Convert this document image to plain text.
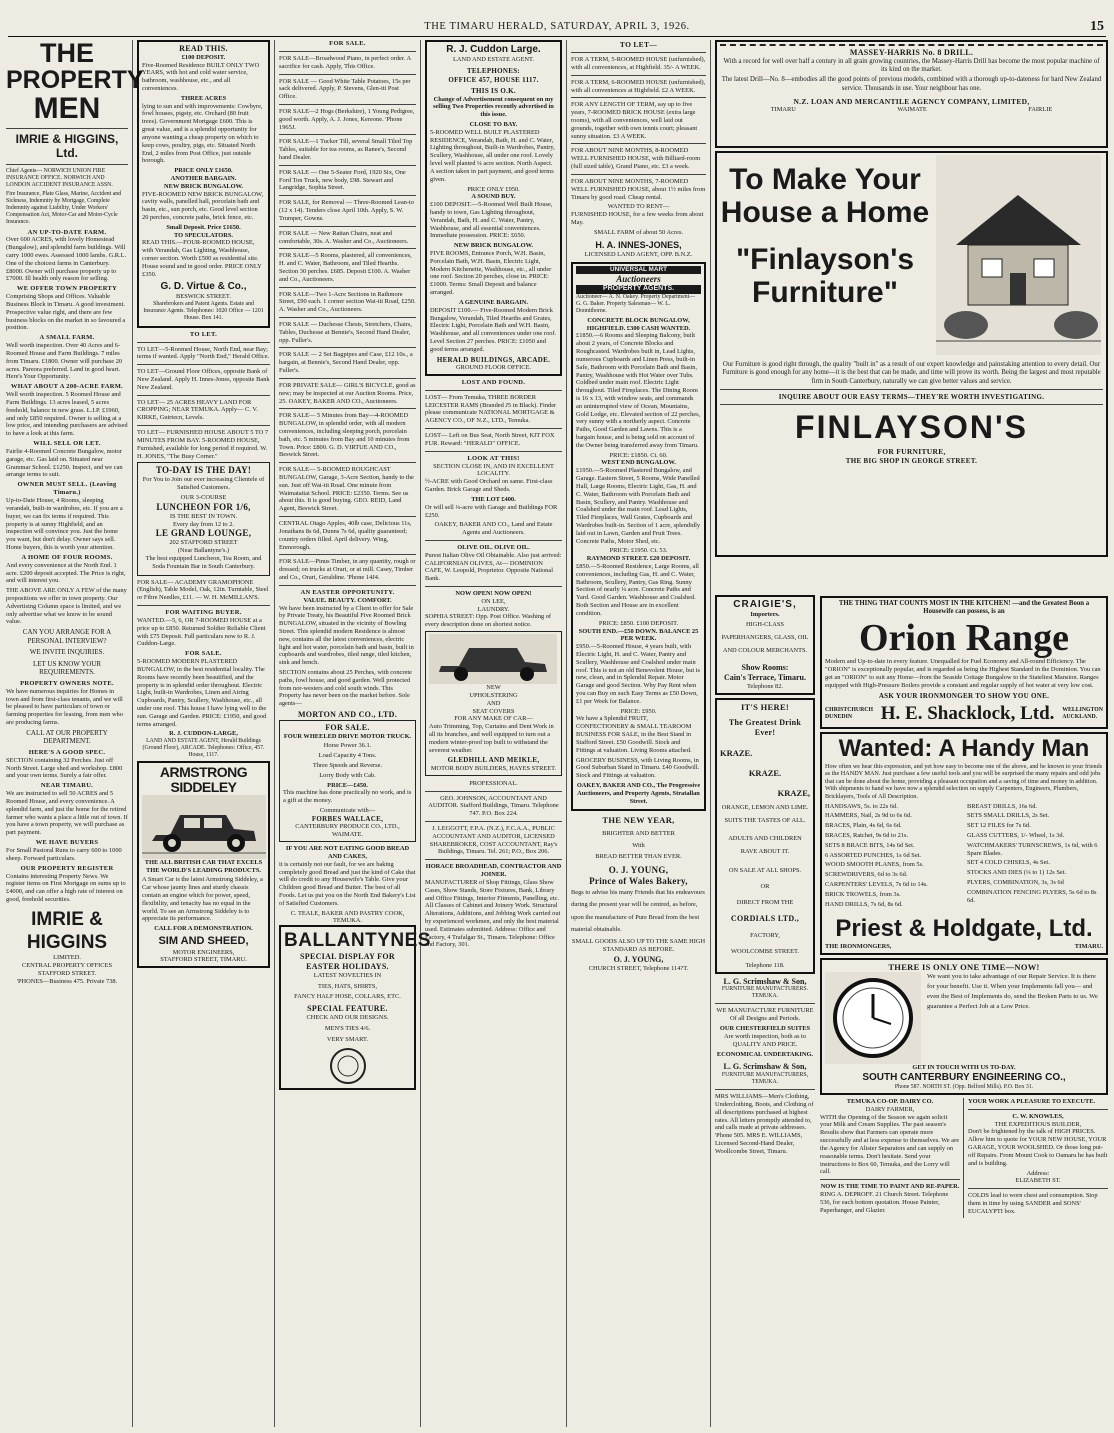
THE TIMARU HERALD, SATURDAY, APRIL 3, 1926.	15
THE
PROPERTY
MEN
IMRIE & HIGGINS, Ltd.

Chief Agents— NORWICH UNION FIRE INSURANCE OFFICE. NORWICH AND LONDON ACCIDENT INSURANCE ASSN.

Fire Insurance, Plate Glass, Marine, Accident and Sickness, Indemnity by Mortgage, Complete Indemnity against Liability, Under Workers' Compensation Act, Motor-Car and Motor-Cycle Insurance.

AN UP-TO-DATE FARM.

Over 600 ACRES, with lovely Homestead (Bungalow), and splendid farm buildings. Will carry 1000 ewes. Assessed 1000 lambs. G.R.L. One of the choicest farms in Canterbury. £8000. Owner will purchase property up to £7000. Ill health only reason for selling.

WE OFFER TOWN PROPERTY

Comprising Shops and Offices. Valuable Business Block in Timaru. A good investment. Prospective value right, and there are few business blocks on the market in so favoured a position.

A SMALL FARM.

Well worth inspection. Over 40 Acres and 6-Roomed House and Farm Buildings. 7 miles from Timaru. £1800. Owner will purchase 20 acres. Pareora preferred. Land in good heart. Here's Your Opportunity.

WHAT ABOUT A 200-ACRE FARM.

Well worth inspection. 5 Roomed House and Farm Buildings. 13 acres leased, 5 acres freehold, balance in new grass. L.I.P. £1960, and only £850 required. Owner is selling at a low price, and intending purchasers are advised to have a look at this farm.

WILL SELL OR LET.

Fairlie 4-Roomed Concrete Bungalow, motor garage, etc. Gas laid on. Situated near Grammar School. £1250. Inspect, and we can arrange terms to suit.

OWNER MUST SELL. (Leaving Timaru.)

Up-to-Date House, 4 Rooms, sleeping verandah, built-in wardrobes, etc. If you are a buyer, we can fix terms if required. This property is at sunny Highfield, and an inspection will convince you. Just the home you want, but don't delay. Owner says sell. Home buyers, this is worth your attention.

A HOME OF FOUR ROOMS.

And every convenience at the North End. 1 acre. £200 deposit accepted. The Price is right, and will interest you.

THE ABOVE ARE ONLY A FEW of the many propositions we offer in town property. Our Advertising Column space is limited, and we only advertise what we know to be sound value.

CAN YOU ARRANGE FOR A PERSONAL INTERVIEW?
WE INVITE INQUIRIES.
LET US KNOW YOUR REQUIREMENTS.
PROPERTY OWNERS NOTE.

We have numerous inquiries for Homes in town and from first-class tenants, and we will be pleased to have particulars of town or farming properties for leasing, from men who are producing farms.

CALL AT OUR PROPERTY DEPARTMENT.
HERE'S A GOOD SPEC.

SECTION containing 32 Perches. Just off North Street. Large shed and workshop. £800 and your own terms. Surely a fair offer.

NEAR TIMARU.

We are instructed to sell 50 ACRES and 5 Roomed House, and every convenience. A splendid farm, and just the home for the retired farmer who wants a place a little out of town. If you have a town property, we will purchase as part payment.

WE HAVE BUYERS

For Small Pastoral Runs to carry 600 to 1000 sheep. Forward particulars.

OUR PROPERTY REGISTER

Contains interesting Property News. We register items on First Mortgage on sums up to £4000, and can offer a high rate of interest on good, freehold securities.

IMRIE & HIGGINS
LIMITED.
CENTRAL PROPERTY OFFICES STAFFORD STREET.
'PHONES—Business 475. Private 738.
READ THIS.
£100 DEPOSIT.

Five-Roomed Residence BUILT ONLY TWO YEARS, with hot and cold water service, bathroom, washhouse, etc., and all conveniences.

THREE ACRES

lying to sun and with improvements: Cowbyre, fowl houses, pigsty, etc. Orchard (80 fruit trees). Government Mortgage £600. This is great value, and is a splendid opportunity for anyone wanting a cheap property on which to keep cows, poultry, pigs, etc. Situated North End, 2 miles from Post Office, just outside borough.

PRICE ONLY £1650.
ANOTHER BARGAIN.
NEW BRICK BUNGALOW.

FIVE-ROOMED NEW BRICK BUNGALOW, cavity walls, panelled hall, porcelain bath and basin, etc., sun porch, etc. Good level section 20 perches, concrete paths, brick fence, etc.

Small Deposit. Price £1650.
TO SPECULATORS.

READ THIS.—FOUR-ROOMED HOUSE, with Verandah, Gas Lighting, Washhouse, corner section. Worth £500 as residential site. House sound and in good order. PRICE ONLY £350.

G. D. Virtue & Co.,
BESWICK STREET.

Sharebrokers and Patent Agents. Estate and Insurance Agents. Telephones: 1020 Office — 1201 House. Box 141.

TO LET.

TO LET—5-Roomed House, North End, near Bay; terms if wanted. Apply "North End," Herald Office.

TO LET—Ground Floor Offices, opposite Bank of New Zealand. Apply H. Innes-Jones, opposite Bank New Zealand.

TO LET— 25 ACRES HEAVY LAND FOR CROPPING; NEAR TEMUKA. Apply— C. V. KIRKE, Guirtecn, Levels.

TO LET— FURNISHED HOUSE ABOUT 5 TO 7 MINUTES FROM BAY. 5-ROOMED HOUSE, Furnished, available for long period if required. W. H. JONES, "The Busy Corner."

TO-DAY IS THE DAY!

For You to Join our ever increasing Clientele of Satisfied Customers.

OUR 3-COURSE
LUNCHEON FOR 1/6,
IS THE BEST IN TOWN.
Every day from 12 to 2.
LE GRAND LOUNGE,
202 STAFFORD STREET
(Near Ballantyne's.)

The best equipped Luncheon, Tea Room, and Soda Fountain Bar in South Canterbury.

FOR SALE— ACADEMY GRAMOPHONE (English), Table Model, Oak, 12in. Turntable, Steel or Fibre Needles, £11. — W. H. McMILLAN'S.

FOR WAITING BUYER.

WANTED.—5, 6, OR 7-ROOMED HOUSE at a price up to £850. Returned Soldier Reliable Client with £75 Deposit. Full particulars now to R. J. Cuddon-Large.

FOR SALE.

5-ROOMED MODERN PLASTERED BUNGALOW, in the best residential locality. The Rooms have recently been beautified, and the property is in splendid order throughout. Electric Light, built-in Wardrobes, Linen and Airing Cupboards, Pantry, Scullery, Washhouse, etc., all under one roof. This house I have lying well to the sun. Garage and Garden. PRICE: £1950, and good terms arranged.

R. J. CUDDON-LARGE,

LAND AND ESTATE AGENT, Herald Buildings (Ground Floor), ARCADE. Telephones: Office, 457. House, 1117.

ARMSTRONG SIDDELEY

THE ALL BRITISH CAR THAT EXCELS THE WORLD'S LEADING PRODUCTS.

A Smart Car is the latest Armstrong Siddeley, a Car whose jaunty lines and sturdy chassis contain an engine which for power, speed, flexibility, and tenacity has no equal in the world. To see an Armstrong Siddeley is to appreciate its performance.

CALL FOR A DEMONSTRATION.
SIM AND SHEED,
MOTOR ENGINEERS,
STAFFORD STREET, TIMARU.
FOR SALE.

FOR SALE—Broadwood Piano, in perfect order. A sacrifice for cash. Apply, This Office.

FOR SALE — Good White Table Potatoes, 15s per sack delivered. Apply, P. Stevens, Glen-iti Post Office.

FOR SALE—2 Hogs (Berkshire), 1 Young Pedigree, good worth. Apply, A. J. Jones, Kereone. 'Phone 1965J.

FOR SALE—1 Tucker Till, several Small Tiled Top Tables, suitable for tea rooms, as Ranee's, Second hand Dealer.

FOR SALE — One 5-Seater Ford, 1920 Six, One Ford Ton Truck, new body, £98. Stewart and Langridge, Sophia Street.

FOR SALE, for Removal — Three-Roomed Lean-to (12 x 14). Tenders close April 10th. Apply, S. W. Trumper, Gowns.

FOR SALE — New Rattan Chairs, neat and comfortable, 30s. A. Washer and Co., Auctioneers.

FOR SALE—5 Rooms, plastered, all conveniences, H. and C. Water, Bathroom, and Tiled Hearths. Section 30 perches. £685. Deposit £100. A. Washer and Co., Auctioneers.

FOR SALE—Two 1-Acre Sections in Rathmore Street, £90 each. 1 corner section Wai-iti Road, £250. A. Washer and Co., Auctioneers.

FOR SALE — Duchesse Chests, Stretchers, Chairs, Tables, Duchesse at Bennie's, Second Hand Dealer, opp. Fuller's.

FOR SALE — 2 Set Bagpipes and Case, £12 10s., a bargain, at Bennie's, Second Hand Dealer, opp. Fuller's.

FOR PRIVATE SALE— GIRL'S BICYCLE, good as new; may be inspected at our Auction Rooms. Price, 25. OAKEY, BAKER AND CO., Auctioneers.

FOR SALE— 5 Minutes from Bay—4-ROOMED BUNGALOW, in splendid order, with all modern conveniences, including sleeping porch, porcelain bath, etc. 5 minutes from Bay and 10 minutes from Town. Price: £800. G. D. VIRTUE AND CO., Beswick Street.

FOR SALE— 5-ROOMED ROUGHCAST BUNGALOW, Garage, 3-Acre Section, handy to the sun. Just off Wai-iti Road. One minute from Waimataitai School. PRICE: £2350. Terms. See us about this. It is good buying. GEO. REID, Land Agent, Beswick Street.

CENTRAL Otago Apples, 40lb case, Delicious 11s, Jonathans 8s 6d, Dunns 7s 6d, quality guaranteed; country orders filled. April delivery. Wing, Enmorough.

FOR SALE—Pinus Timber, in any quantity, rough or dressed; on trucks at Orari, or at mill. Casey, Timber and Co., Orari, Geraldine. 'Phone 14J4.

AN EASTER OPPORTUNITY.
VALUE. BEAUTY. COMFORT.

We have been instructed by a Client to offer for Sale by Private Treaty, his Beautiful Five Roomed Brick BUNGALOW, situated in the vicinity of Bowling Street. This splendid modern Residence is almost new, contains all the latest conveniences, electric light and hot water, porcelain bath and basin, built in cupboards and wardrobes, tiled range, tiled kitchen, sink and bench.

SECTION contains about 25 Perches, with concrete paths, fowl house, and good garden. Well protected from nor-westers and cold south winds. This Property has never been on the market before. Sole agents—

MORTON AND CO., LTD.
FOR SALE.
FOUR WHEELED DRIVE MOTOR TRUCK.
Horse Power 36.1.
Load Capacity 4 Tons.
Three Speeds and Reverse.
Lorry Body with Cab.
PRICE—£450.

This machine has done practically no work, and is a gift at the money.

Communicate with—
FORBES WALLACE,
CANTERBURY PRODUCE CO., LTD., WAIMATE.
IF YOU ARE NOT EATING GOOD BREAD AND CAKES,

it is certainly not our fault, for we are baking completely good Bread and just the kind of Cake that will do credit to any Housewife's Table. Give your Children good Bread and Butter. The best of all Foods. Let us put you on the North End Bakery's List of Satisfied Customers.

C. TEALE, BAKER AND PASTRY COOK, TEMUKA.
BALLANTYNES
SPECIAL DISPLAY FOR EASTER HOLIDAYS.
LATEST NOVELTIES IN
TIES, HATS, SHIRTS,
FANCY HALF HOSE, COLLARS, ETC.
SPECIAL FEATURE.
CHECK AND OUR DESIGNS.
MEN'S TIES 4/6.
VERY SMART.
R. J. Cuddon Large.
LAND AND ESTATE AGENT.
TELEPHONES:
OFFICE 457, HOUSE 1117.
THIS IS O.K.

Change of Advertisement consequent on my selling Two Properties recently advertised in this issue.

CLOSE TO BAY.

5-ROOMED WELL BUILT PLASTERED RESIDENCE, Verandah, Bath, H. and C. Water, Lighting throughout, Built-in Wardrobes, Pantry, Scullery, Washhouse, all under one roof. Lovely level well planted ¼ acre section. North Aspect. A section taken in part payment, and good terms given.

PRICE ONLY £950.
A SOUND BUY.

£100 DEPOSIT.—5-Roomed Well Built House, handy to town, Gas Lighting throughout, Verandah, Bath, H. and C. Water, Pantry, Washhouse, and all essential conveniences. Immediate possession. PRICE: £650.

NEW BRICK BUNGALOW.

FIVE ROOMS, Entrance Porch, W.H. Basin, Porcelain Bath, W.H. Basin, Electric Light, Modern Kitchenette, Washhouse, etc., all under one roof. Section 20 perches, close in. PRICE: £1000. Terms: Small Deposit and balance arranged.

A GENUINE BARGAIN.

DEPOSIT £100.— Five-Roomed Modern Brick Bungalow, Verandah, Tiled Hearths and Grates, Electric Light, Porcelain Bath and W.H. Basin, Washhouse, and all conveniences under one roof. Level Section 27 perches. PRICE: £1050 and good terms arranged.

HERALD BUILDINGS, ARCADE.
GROUND FLOOR OFFICE.
LOST AND FOUND.

LOST— From Temuka, THREE BORDER LEICESTER RAMS (Branded J5 in Black). Finder please communicate NATIONAL MORTGAGE & AGENCY CO., OF N.Z., LTD., Temuka.

LOST— Left on Bus Seat, North Street, KIT FOX FUR. Reward: "HERALD" OFFICE.

LOOK AT THIS!
SECTION CLOSE IN, AND IN EXCELLENT LOCALITY.

½-ACRE with Good Orchard on same. First-class Garden. Brick Garage and Sheds.

THE LOT £400.

Or will sell ¼-acre with Garage and Buildings FOR £250.

OAKEY, BAKER AND CO., Land and Estate Agents and Auctioneers.
OLIVE OIL. OLIVE OIL.

Purest Italian Olive Oil Obtainable. Also just arrived: CALIFORNIAN OLIVES, At— DOMINION CAFE, W. Leopold, Proprietor. Opposite National Bank.

NOW OPEN! NOW OPEN!
ON LEE,
LAUNDRY.

SOPHIA STREET: Opp. Post Office. Washing of every description done on shortest notice.

NEW
UPHOLSTERING
AND
SEAT COVERS
FOR ANY MAKE OF CAR—

Auto Trimming, Top, Curtains and Dent Work in all its branches, and well equipped to turn out a modern winter-proof top built to withstand the severest weather.

GLEDHILL AND MEIKLE,
MOTOR BODY BUILDERS, HAYES STREET.
PROFESSIONAL.

GEO. JOHNSON, ACCOUNTANT AND AUDITOR. Stafford Buildings, Timaru. Telephone 747. P.O. Box 224.

J. LEGGOTT, F.P.A. (N.Z.), F.C.A.A., PUBLIC ACCOUNTANT AND AUDITOR, LICENSED SHAREBROKER, COST ACCOUNTANT, Ray's Buildings, Timaru. Tel. 261; P.O., Box 206.

HORACE BROADHEAD, CONTRACTOR AND JOINER.

MANUFACTURER of Shop Fittings, Glass Show Cases, Show Stands, Store Fixtures, Bank, Library and Office Fittings, Interior Fitments, Panelling, etc. All Classes of Cabinet and Joinery Work. Structural Alterations, Additions, and Jobbing Work carried out by experienced workmen, and only the best material used. Estimates submitted. Address: Office and Factory, 4 Trafalgar St., Timaru. Telephone: Office and Factory, 301.

TO LET—

FOR A TERM, 5-ROOMED HOUSE (unfurnished), with all conveniences, at Highfield. 35/- A WEEK.

FOR A TERM, 6-ROOMED HOUSE (unfurnished), with all conveniences at Highfield. £2 A WEEK.

FOR ANY LENGTH OF TERM, say up to five years, 7-ROOMED BRICK HOUSE (extra large rooms), with all conveniences, well laid out grounds, together with own tennis court; pleasant sunny situation. £3 A WEEK.

FOR ABOUT NINE MONTHS, 8-ROOMED WELL FURNISHED HOUSE, with Billiard-room (full sized table), Grand Piano, etc. £3 a week.

FOR ABOUT NINE MONTHS, 7-ROOMED WELL FURNISHED HOUSE, about 1½ miles from Timaru by good road. Cheap rental.

WANTED TO RENT—

FURNISHED HOUSE, for a few weeks from about May.

SMALL FARM of about 50 Acres.
H. A. INNES-JONES,
LICENSED LAND AGENT, OPP. B.N.Z.
UNIVERSAL MART
Auctioneers
PROPERTY AGENTS.

Auctioneer— A. N. Oakey. Property Department— G. G. Baker. Property Salesman— W. L. Donnithorne.

CONCRETE BLOCK BUNGALOW, HIGHFIELD. £300 CASH WANTED.

£1850.—6 Rooms and Sleeping Balcony, built about 2 years, of Concrete Blocks and Roughcasted. Wardrobes built in, Lead Lights, numerous Cupboards and Linen Press, built-in Safe, Bathroom with Porcelain Bath and Basin, Pantry, Washhouse with Hot Water over Tubs. Coldbed under main roof. Electric Light throughout. Tiled Fireplaces. The Dining Room is 16 x 13, with window seats, and commands an uninterrupted view of Ocean, Mountains, Gold Lodge, etc. Elevated section of 22 perches, very sunny with a northerly aspect. Concrete Paths, Good Garden and Lawns. This is a bargain house, and is being sold on account of the Owner being transferred away from Timaru.

PRICE: £1850. Ct. 60.
WEST END BUNGALOW.

£1950.—5-Roomed Plastered Bungalow, and Garage. Eastern Street, 5 Rooms, Wide Panelled Hall, Large Rooms, Electric Light, Gas, H. and C. Water, Bathroom with Porcelain Bath and Basin, Scullery, and Pantry. Washhouse and Coalshed under the main roof. Lead Lights, Tiled Fireplaces, Wall Grates, Cupboards and Wardrobes built-in. Section of 1 acre, splendidly laid out in Lawn, Garden and Fruit Trees. Concrete Paths, Motor Shed, etc.

PRICE: £1950. Ct. 53.
RAYMOND STREET. £20 DEPOSIT.

£850.—5-Roomed Residence, Large Rooms, all conveniences, including Gas, H. and C. Water, Bathroom, Scullery, Pantry, Gas Ring. Sunny Section of nearly ¼ acre. Concrete Paths and Yard. Good Garden. Washhouse and Coalshed. Both Section and House are in excellent condition.

PRICE: £850. £100 DEPOSIT.
SOUTH END.—£50 DOWN. BALANCE 25 PER WEEK.

£950.—5-Roomed House, 4 years built, with Electric Light, H. and C. Water, Pantry and Scullery, Washhouse and Coalshed under main roof. This is not an old Benevolent House, but is new, clean, and in Splendid Repair. Motor Garage and good Section. Why Pay Rent when you can Buy on such Easy Terms as £50 Down, £1 per Week for Balance.

PRICE: £950.

We have a Splendid FRUIT, CONFECTIONERY & SMALL TEAROOM BUSINESS FOR SALE, in the Best Stand in Stafford Street. £50 Goodwill. Stock and Fittings at valuation. Living Rooms attached.

GROCERY BUSINESS, with Living Rooms, in Good Suburban Stand in Timaru. £40 Goodwill. Stock and Fittings at valuation.

OAKEY, BAKER AND CO., The Progressive Auctioneers, and Property Agents, Stratallan Street.

THE NEW YEAR,
BRIGHTER AND BETTER
With
BREAD BETTER THAN EVER.
O. J. YOUNG,
Prince of Wales Bakery,

Begs to advise his many Friends that his endeavours during the present year will be centred, as before, upon the manufacture of Pure Bread from the best material obtainable.

SMALL GOODS ALSO UP TO THE SAME HIGH STANDARD AS BEFORE.

O. J. YOUNG,
CHURCH STREET, Telephone 114?T.
CRAIGIE'S,
Importers.

HIGH-CLASS PAPERHANGERS, GLASS, OIL AND COLOUR MERCHANTS.

Show Rooms:
Cain's Terrace, Timaru.
Telephone 82.
IT'S HERE!
The Greatest Drink Ever!
KRAZE.
KRAZE.
KRAZE,

ORANGE, LEMON AND LIME. SUITS THE TASTES OF ALL.

ADULTS AND CHILDREN RAVE ABOUT IT.

ON SALE AT ALL SHOPS.
OR
DIRECT FROM THE
CORDIALS LTD.,
FACTORY,
WOOLCOMBE STREET.
Telephone 118.
L. G. Scrimshaw & Son,
FURNITURE MANUFACTURERS. TEMUKA.

WE MANUFACTURE FURNITURE Of all Designs and Periods.

OUR CHESTERFIELD SUITES

Are worth inspection, both as to QUALITY AND PRICE.

ECONOMICAL UNDERTAKING.
L. G. Scrimshaw & Son,
FURNITURE MANUFACTURERS, TEMUKA.

MRS WILLIAMS—Men's Clothing, Underclothing, Boots, and Clothing of all descriptions purchased at highest rates. All letters promptly attended to, and calls made at private addresses. 'Phone 505. MRS E. WILLIAMS, Licensed Second-Hand Dealer, Woollcombe Street, Timaru.

MASSEY-HARRIS No. 8 DRILL.

With a record for well over half a century in all grain growing countries, the Massey-Harris Drill has become the most popular machine of its kind on the market.

The latest Drill—No. 8—embodies all the good points of previous models, combined with a thorough up-to-dateness for hard New Zealand service. Thousands in use. Your neighbour has one.

N.Z. LOAN AND MERCANTILE AGENCY COMPANY, LIMITED,
TIMARU	WAIMATE	FAIRLIE
To Make Your
House a Home
"Finlayson's
Furniture"

Our Furniture is good right through, the quality "built in" as a result of our expert knowledge and painstaking attention to every detail. Our Furniture is good enough for any home—it is the best that can be made, and time will prove its worth. Being the largest and most reputable firm in South Canterbury, naturally we can give better values and service.

INQUIRE ABOUT OUR EASY TERMS—THEY'RE WORTH INVESTIGATING.
FINLAYSON'S
FOR FURNITURE,
THE BIG SHOP IN GEORGE STREET.

THE THING THAT COUNTS MOST IN THE KITCHEN! —and the Greatest Boon a Housewife can possess, is an

Orion Range

Modern and Up-to-date in every feature. Unequalled for Fuel Economy and All-round Efficiency. The "ORION" is exceptionally popular, and is regarded as being the Highest Standard in the Dominion. You can get an "ORION" to suit any Home—from the Seaside Cottage Bungalow to the Stateliest Mansion. Ranges equipped with High-Pressure Boilers provide a constant and regular supply of hot water at very low cost.

ASK YOUR IRONMONGER TO SHOW YOU ONE.
CHRISTCHURCH
DUNEDIN	H. E. Shacklock, Ltd. WELLINGTON
AUCKLAND.
Wanted: A Handy Man

How often we hear this expression, and yet how easy to become one of the above, and be known to your friends as the HANDY MAN. Just purchase a few useful tools and you will be surprised the many repairs and odd jobs that can be done about the home, providing a pleasant occupation and a saving of time and money in addition. With shipments to hand we have now a splendid selection on supply Carpenters, Engineers, Plumbers, Bricklayers, Tools of All Description.

HANDSAWS, 5s. to 22s 6d.

HAMMERS, Nail, 2s 9d to 6s 6d.

BRACES, Plain, 4s 6d, 6s 6d.

BRACES, Ratchet, 9s 6d to 21s.

SETS 8 BRACE BITS, 14s 6d Set.

6 ASSORTED PUNCHES, 1s 6d Set.

WOOD SMOOTH PLANES, from 5s.

SCREWDRIVERS, 6d to 3s 6d.

CARPENTERS' LEVELS, 7s 6d to 14s.

BRICK TROWELS, from 3s.

HAND DRILLS, 7s 6d, 8s 6d.

BREAST DRILLS, 16s 6d.

SETS SMALL DRILLS, 2s Set.

SET 12 FILES for 7s 6d.

GLASS CUTTERS, 1/- Wheel, 1s 3d.

WATCHMAKERS' TURNSCREWS, 1s 6d, with 6 Spare Blades.

SET 4 COLD CHISELS, 4s Set.

STOCKS AND DIES (¼ to 1) 12s Set.

PLYERS, COMBINATION, 3s, 3s 6d

COMBINATION FENCING PLYERS, 5s 6d to 8s 6d.

Priest & Holdgate, Ltd.
THE IRONMONGERS,	TIMARU.
THERE IS ONLY ONE TIME—NOW!

We want you to take advantage of our Repair Service. It is there for your benefit. Use it. When your Implements fall you— and even the Best of Implements do, send the Broken Parts to us. We guarantee a Perfect Job at a Low Price.

GET IN TOUCH WITH US TO-DAY.
SOUTH CANTERBURY ENGINEERING CO.,
Phone 587. NORTH ST. (Opp. Belford Mills). P.O. Box 31.
TEMUKA CO-OP. DAIRY CO.
DAIRY FARMER,

WITH the Opening of the Season we again solicit your Milk and Cream Supplies. The past season's Results show that Farmers can operate more successfully and at less expense to themselves. We are the Agency for Alister Separators and can supply on reasonable terms. Don't hesitate. Send your instructions to Box 60, Temuka, and the Lorry will call.

NOW IS THE TIME TO PAINT AND RE-PAPER.

RING A. DEPROFF. 21 Church Street. Telephone 536, for each bottom quotation. House Painter, Paperhanger, and Glazier.

YOUR WORK A PLEASURE TO EXECUTE.
C. W. KNOWLES,
THE EXPEDITIOUS BUILDER,

Don't be frightened by the talk of HIGH PRICES. Allow him to quote for YOUR NEW HOUSE, YOUR GARAGE, YOUR WOOLSHED. Or those long put-off Repairs. From Mount Cook to Oamaru he has built and is building.

Address:
ELIZABETH ST.

COLDS lead to worn chest and consumption. Stop them in time by using SANDER and SONS' EUCALYPTI box.
